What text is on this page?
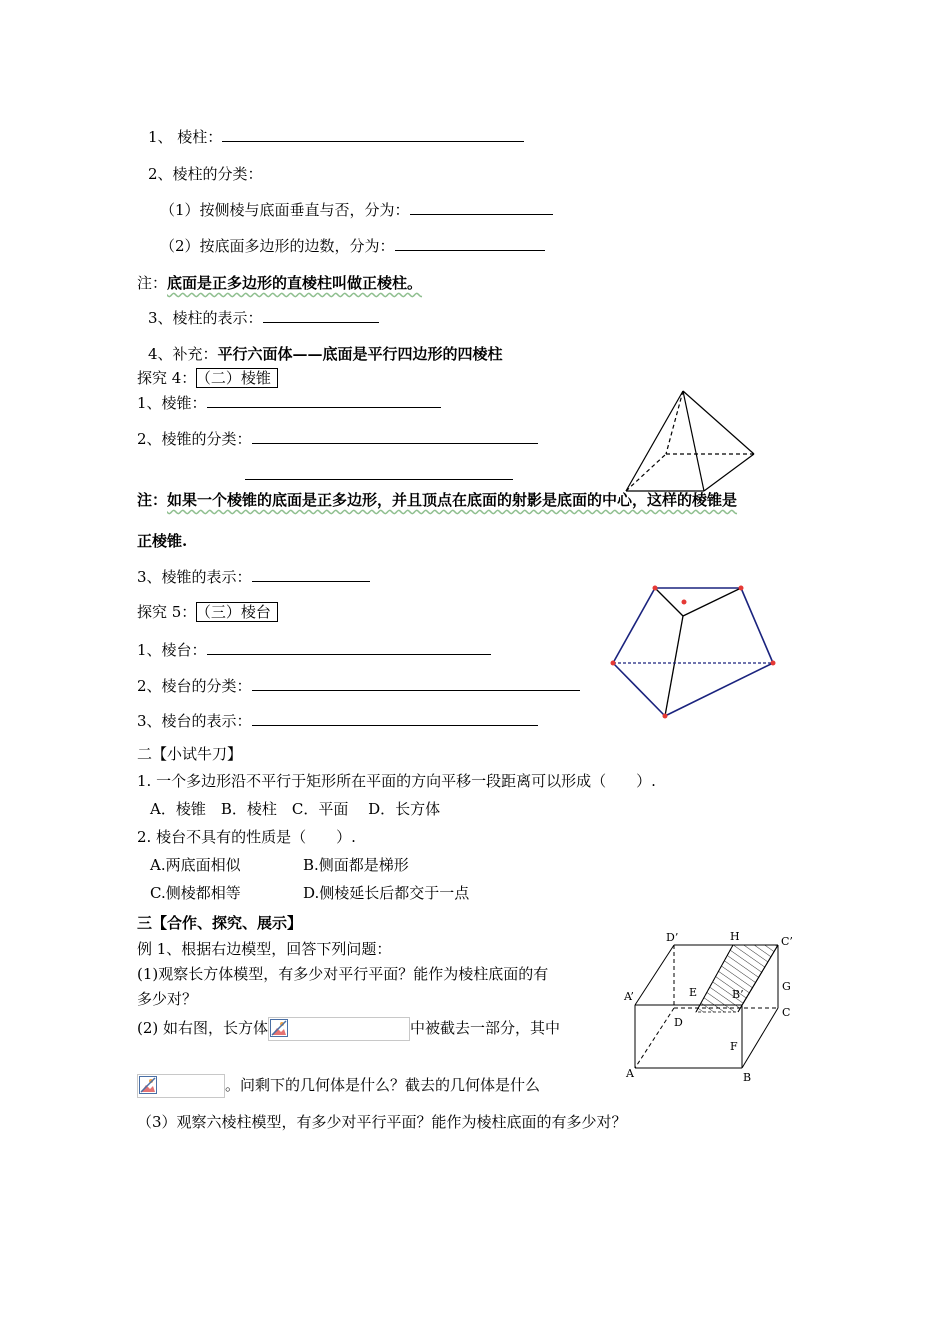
1、 棱柱：
2、棱柱的分类：
（1）按侧棱与底面垂直与否，分为：
（2）按底面多边形的边数，分为：
注：底面是正多边形的直棱柱叫做正棱柱。
3、棱柱的表示：
4、补充：平行六面体——底面是平行四边形的四棱柱
探究 4： （二）棱锥
1、棱锥：
2、棱锥的分类：
注：如果一个棱锥的底面是正多边形，并且顶点在底面的射影是底面的中心，这样的棱锥是
正棱锥.
3、棱锥的表示：
探究 5： （三）棱台
1、棱台：
2、棱台的分类：
3、棱台的表示：
二【小试牛刀】
1. 一个多边形沿不平行于矩形所在平面的方向平移一段距离可以形成（　　）.
A．棱锥　B．棱柱　C．平面　 D．长方体
2. 棱台不具有的性质是（　　）.
A.两底面相似	B.侧面都是梯形
C.侧棱都相等	D.侧棱延长后都交于一点
三【合作、探究、展示】
例 1、根据右边模型，回答下列问题：
(1)观察长方体模型，有多少对平行平面？能作为棱柱底面的有
多少对？
(2) 如右图，长方体	中被截去一部分，其中
。问剩下的几何体是什么？截去的几何体是什么
（3）观察六棱柱模型，有多少对平行平面？能作为棱柱底面的有多少对？
D’	H	C’
A’	E	B’
G
D
C
F
A	B
